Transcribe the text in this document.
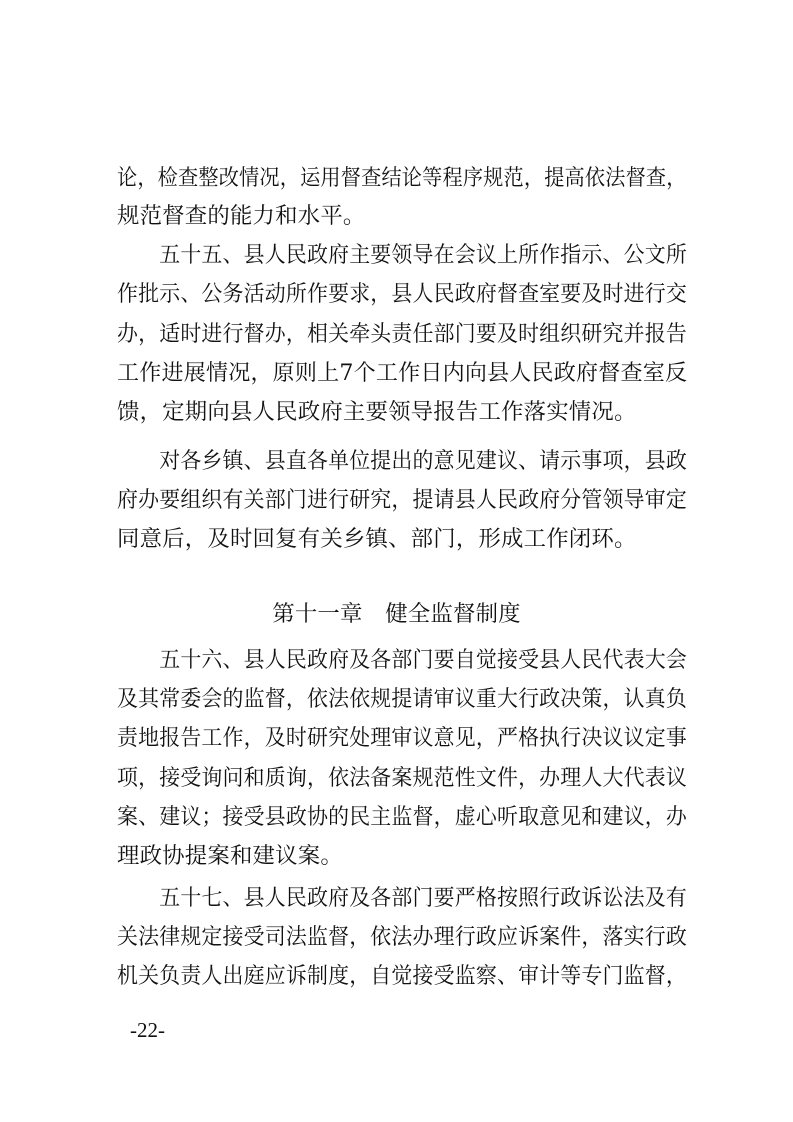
论，检查整改情况，运用督查结论等程序规范，提高依法督查，
规范督查的能力和水平。
　　五十五、县人民政府主要领导在会议上所作指示、公文所
作批示、公务活动所作要求，县人民政府督查室要及时进行交
办，适时进行督办，相关牵头责任部门要及时组织研究并报告
工作进展情况，原则上7个工作日内向县人民政府督查室反
馈，定期向县人民政府主要领导报告工作落实情况。
　　对各乡镇、县直各单位提出的意见建议、请示事项，县政
府办要组织有关部门进行研究，提请县人民政府分管领导审定
同意后，及时回复有关乡镇、部门，形成工作闭环。
第十一章　健全监督制度
　　五十六、县人民政府及各部门要自觉接受县人民代表大会
及其常委会的监督，依法依规提请审议重大行政决策，认真负
责地报告工作，及时研究处理审议意见，严格执行决议议定事
项，接受询问和质询，依法备案规范性文件，办理人大代表议
案、建议；接受县政协的民主监督，虚心听取意见和建议，办
理政协提案和建议案。
　　五十七、县人民政府及各部门要严格按照行政诉讼法及有
关法律规定接受司法监督，依法办理行政应诉案件，落实行政
机关负责人出庭应诉制度，自觉接受监察、审计等专门监督，
-22-
